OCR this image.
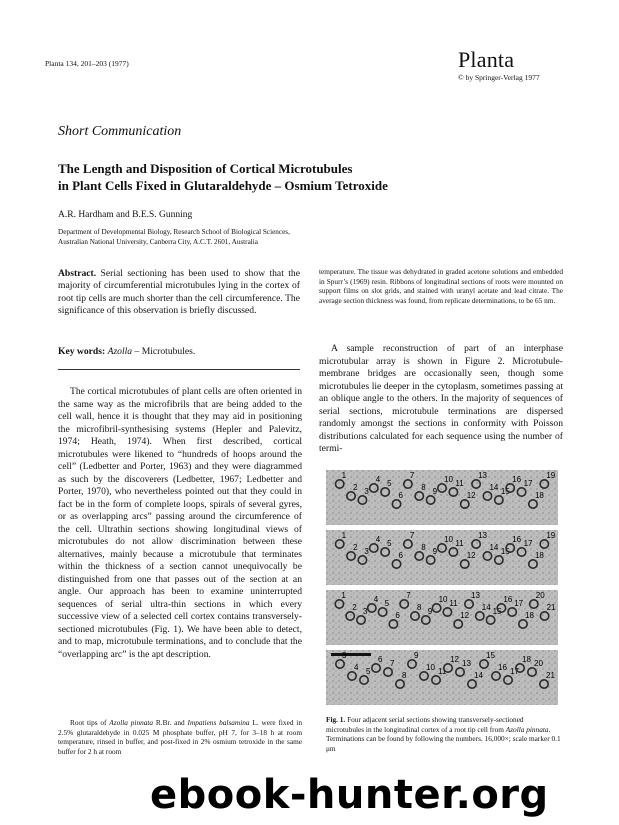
Planta 134, 201–203 (1977)	Planta
© by Springer-Verlag 1977
Short Communication
The Length and Disposition of Cortical Microtubules
in Plant Cells Fixed in Glutaraldehyde – Osmium Tetroxide
A.R. Hardham and B.E.S. Gunning
Department of Developmental Biology, Research School of Biological Sciences,
Australian National University, Canberra City, A.C.T. 2601, Australia
Abstract. Serial sectioning has been used to show that the majority of circumferential microtubules lying in the cortex of root tip cells are much shorter than the cell circumference. The significance of this observation is briefly discussed.
Key words: Azolla – Microtubules.

The cortical microtubules of plant cells are often oriented in the same way as the microfibrils that are being added to the cell wall, hence it is thought that they may aid in positioning the microfibril-synthesising systems (Hepler and Palevitz, 1974; Heath, 1974). When first described, cortical microtubules were likened to “hundreds of hoops around the cell” (Ledbetter and Porter, 1963) and they were diagrammed as such by the discoverers (Ledbetter, 1967; Ledbetter and Porter, 1970), who nevertheless pointed out that they could in fact be in the form of complete loops, spirals of several gyres, or as overlapping arcs” passing around the circumference of the cell. Ultrathin sections showing longitudinal views of microtubules do not allow discrimination between these alternatives, mainly because a microtubule that terminates within the thickness of a section cannot unequivocally be distinguished from one that passes out of the section at an angle. Our approach has been to examine uninterrupted sequences of serial ultra-thin sections in which every successive view of a selected cell cortex contains transversely-sectioned microtubules (Fig. 1). We have been able to detect, and to map, microtubule terminations, and to conclude that the “overlapping arc” is the apt description.

Root tips of Azolla pinnata R.Br. and Impatiens balsamina L. were fixed in 2.5% glutaraldehyde in 0.025 M phosphate buffer, pH 7, for 3–18 h at room temperature, rinsed in buffer, and post-fixed in 2% osmium tetroxide in the same buffer for 2 h at room

temperature. The tissue was dehydrated in graded acetone solutions and embedded in Spurr’s (1969) resin. Ribbons of longitudinal sections of roots were mounted on support films on slot grids, and stained with uranyl acetate and lead citrate. The average section thickness was found, from replicate determinations, to be 65 nm.

A sample reconstruction of part of an interphase microtubular array is shown in Figure 2. Microtubule-membrane bridges are occasionally seen, though some microtubules lie deeper in the cytoplasm, sometimes passing at an oblique angle to the others. In the majority of sequences of serial sections, microtubule terminations are dispersed randomly amongst the sections in conformity with Poisson distributions calculated for each sequence using the number of termi-

1
2 3
4 5
6
7
8 9
10 11
12
13
14 15
16 17
18
19
1
2 3
4 5
6
7
8 9
10 11
12
13
14 15
16 17
18
19
1
2 3
4 5
6
7
8 9
10 11
12
13
14 15
16 17
18
20
21
3
4 5
6 7
8
9
10 11
12 13
14
15
16 17
18 20
21
Fig. 1. Four adjacent serial sections showing transversely-sectioned microtubules in the longitudinal cortex of a root tip cell from Azolla pinnata. Terminations can be found by following the numbers. 16,000×; scale marker 0.1 μm
ebook-hunter.org
